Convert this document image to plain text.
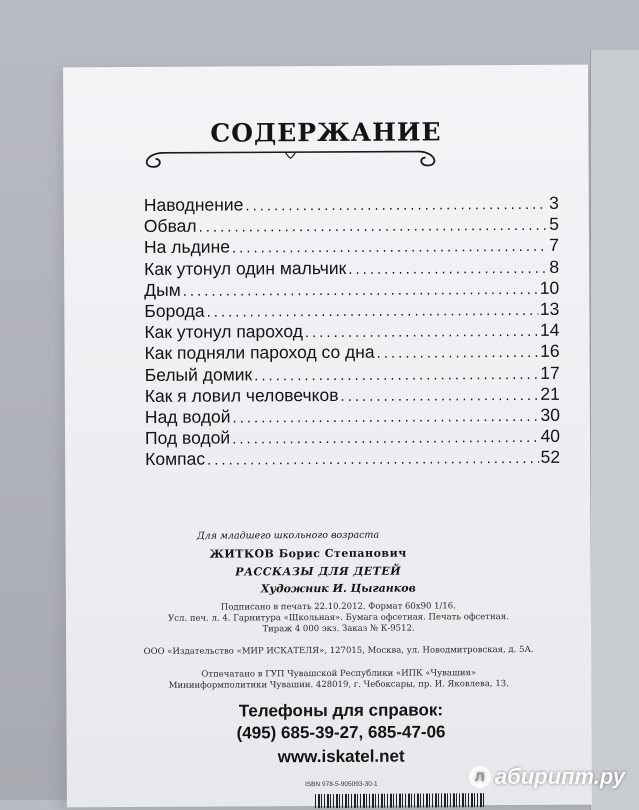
СОДЕРЖАНИЕ
Наводнение .....	3
Обвал .....	5
На льдине .....	7
Как утонул один мальчик .....	8
Дым .....	10
Борода .....	13
Как утонул пароход .....	14
Как подняли пароход со дна .....	16
Белый домик .....	17
Как я ловил человечков .....	21
Над водой .....	30
Под водой .....	40
Компас .....	52
Для младшего школьного возраста
ЖИТКОВ Борис Степанович
РАССКАЗЫ ДЛЯ ДЕТЕЙ
Художник И. Цыганков
Подписано в печать 22.10.2012. Формат 60x90 1/16.
Усл. печ. л. 4. Гарнитура «Школьная». Бумага офсетная. Печать офсетная.
Тираж 4 000 экз. Заказ № К-9512.
ООО «Издательство «МИР ИСКАТЕЛЯ», 127015, Москва, ул. Новодмитровская, д. 5А.
Отпечатано в ГУП Чувашской Республики «ИПК «Чувашия»
Мининформполитики Чувашии. 428019, г. Чебоксары, пр. И. Яковлева, 13.
Телефоны для справок:
(495) 685-39-27, 685-47-06
www.iskatel.net
ISBN 978-5-905093-30-1	л абирипт.ру
